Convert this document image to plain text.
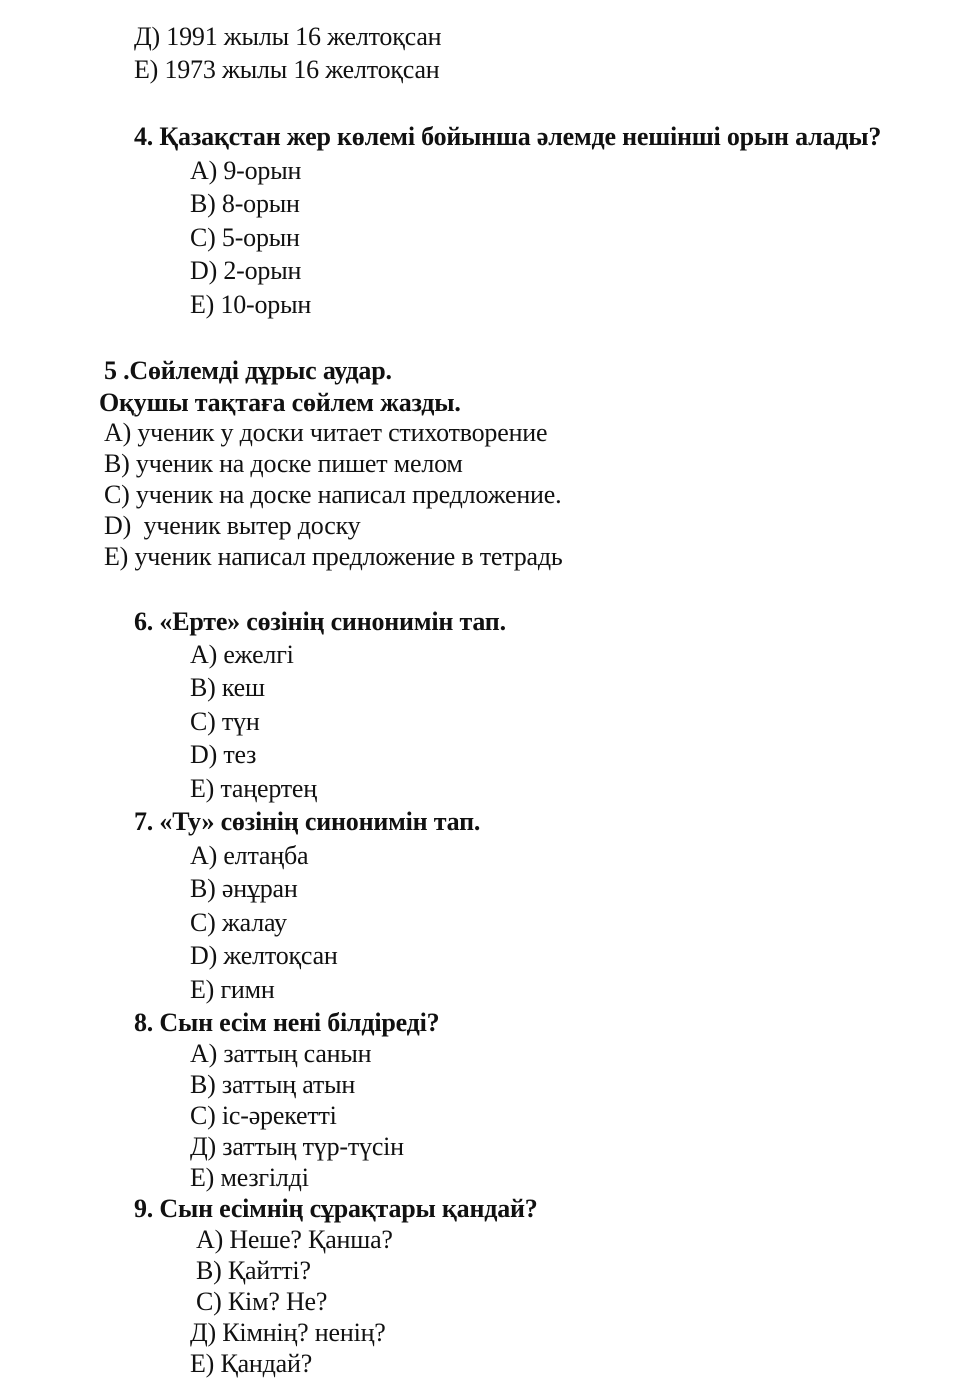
Д) 1991 жылы 16 желтоқсан
Е) 1973 жылы 16 желтоқсан
4. Қазақстан жер көлемі бойынша әлемде нешінші орын алады?
А) 9-орын
В) 8-орын
С) 5-орын
D) 2-орын
Е) 10-орын
5 .Сөйлемді дұрыс аудар.
Оқушы тақтаға сөйлем жазды.
А) ученик у доски читает стихотворение
В) ученик на доске пишет мелом
С) ученик на доске написал предложение.
D)  ученик вытер доску
Е) ученик написал предложение в тетрадь
6. «Ерте» сөзінің синонимін тап.
А) ежелгі
В) кеш
С) түн
D) тез
Е) таңертең
7. «Ту» сөзінің синонимін тап.
А) елтаңба
В) әнұран
С) жалау
D) желтоқсан
Е) гимн
8. Сын есім нені білдіреді?
А) заттың санын
В) заттың атын
С) іс-әрекетті
Д) заттың түр-түсін
Е) мезгілді
9. Сын есімнің сұрақтары қандай?
А) Неше? Қанша?
В) Қайтті?
С) Кім? Не?
Д) Кімнің? ненің?
Е) Қандай?
